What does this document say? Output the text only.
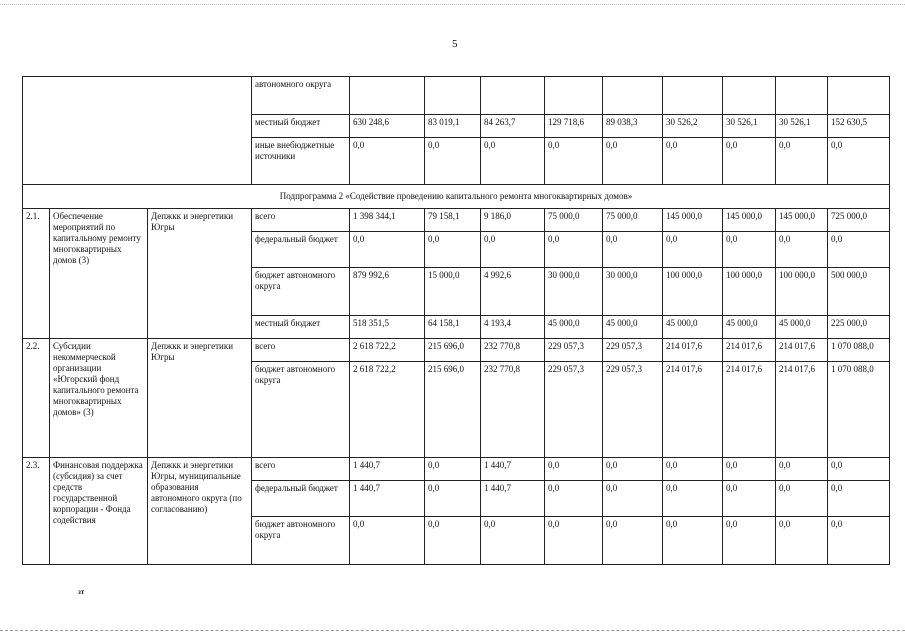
5
			автономного округа									
			местный бюджет	630 248,6	83 019,1	84 263,7	129 718,6	89 038,3	30 526,2	30 526,1	30 526,1	152 630,5
			иные внебюджетные источники	0,0	0,0	0,0	0,0	0,0	0,0	0,0	0,0	0,0
Подпрограмма 2 «Содействие проведению капитального ремонта многоквартирных домов»												
2.1.	Обеспечение мероприятий по капитальному ремонту многоквартирных домов (3)	Депжкк и энергетики Югры	всего	1 398 344,1	79 158,1	9 186,0	75 000,0	75 000,0	145 000,0	145 000,0	145 000,0	725 000,0
			федеральный бюджет	0,0	0,0	0,0	0,0	0,0	0,0	0,0	0,0	0,0
			бюджет автономного округа	879 992,6	15 000,0	4 992,6	30 000,0	30 000,0	100 000,0	100 000,0	100 000,0	500 000,0
			местный бюджет	518 351,5	64 158,1	4 193,4	45 000,0	45 000,0	45 000,0	45 000,0	45 000,0	225 000,0
2.2.	Субсидии некоммерческой организации «Югорский фонд капитального ремонта многоквартирных домов» (3)	Депжкк и энергетики Югры	всего	2 618 722,2	215 696,0	232 770,8	229 057,3	229 057,3	214 017,6	214 017,6	214 017,6	1 070 088,0
			бюджет автономного округа	2 618 722,2	215 696,0	232 770,8	229 057,3	229 057,3	214 017,6	214 017,6	214 017,6	1 070 088,0
2.3.	Финансовая поддержка (субсидия) за счет средств государственной корпорации - Фонда содействия	Депжкк и энергетики Югры, муниципальные образования автономного округа (по согласованию)	всего	1 440,7	0,0	1 440,7	0,0	0,0	0,0	0,0	0,0	0,0
			федеральный бюджет	1 440,7	0,0	1 440,7	0,0	0,0	0,0	0,0	0,0	0,0
			бюджет автономного округа	0,0	0,0	0,0	0,0	0,0	0,0	0,0	0,0	0,0
зт
